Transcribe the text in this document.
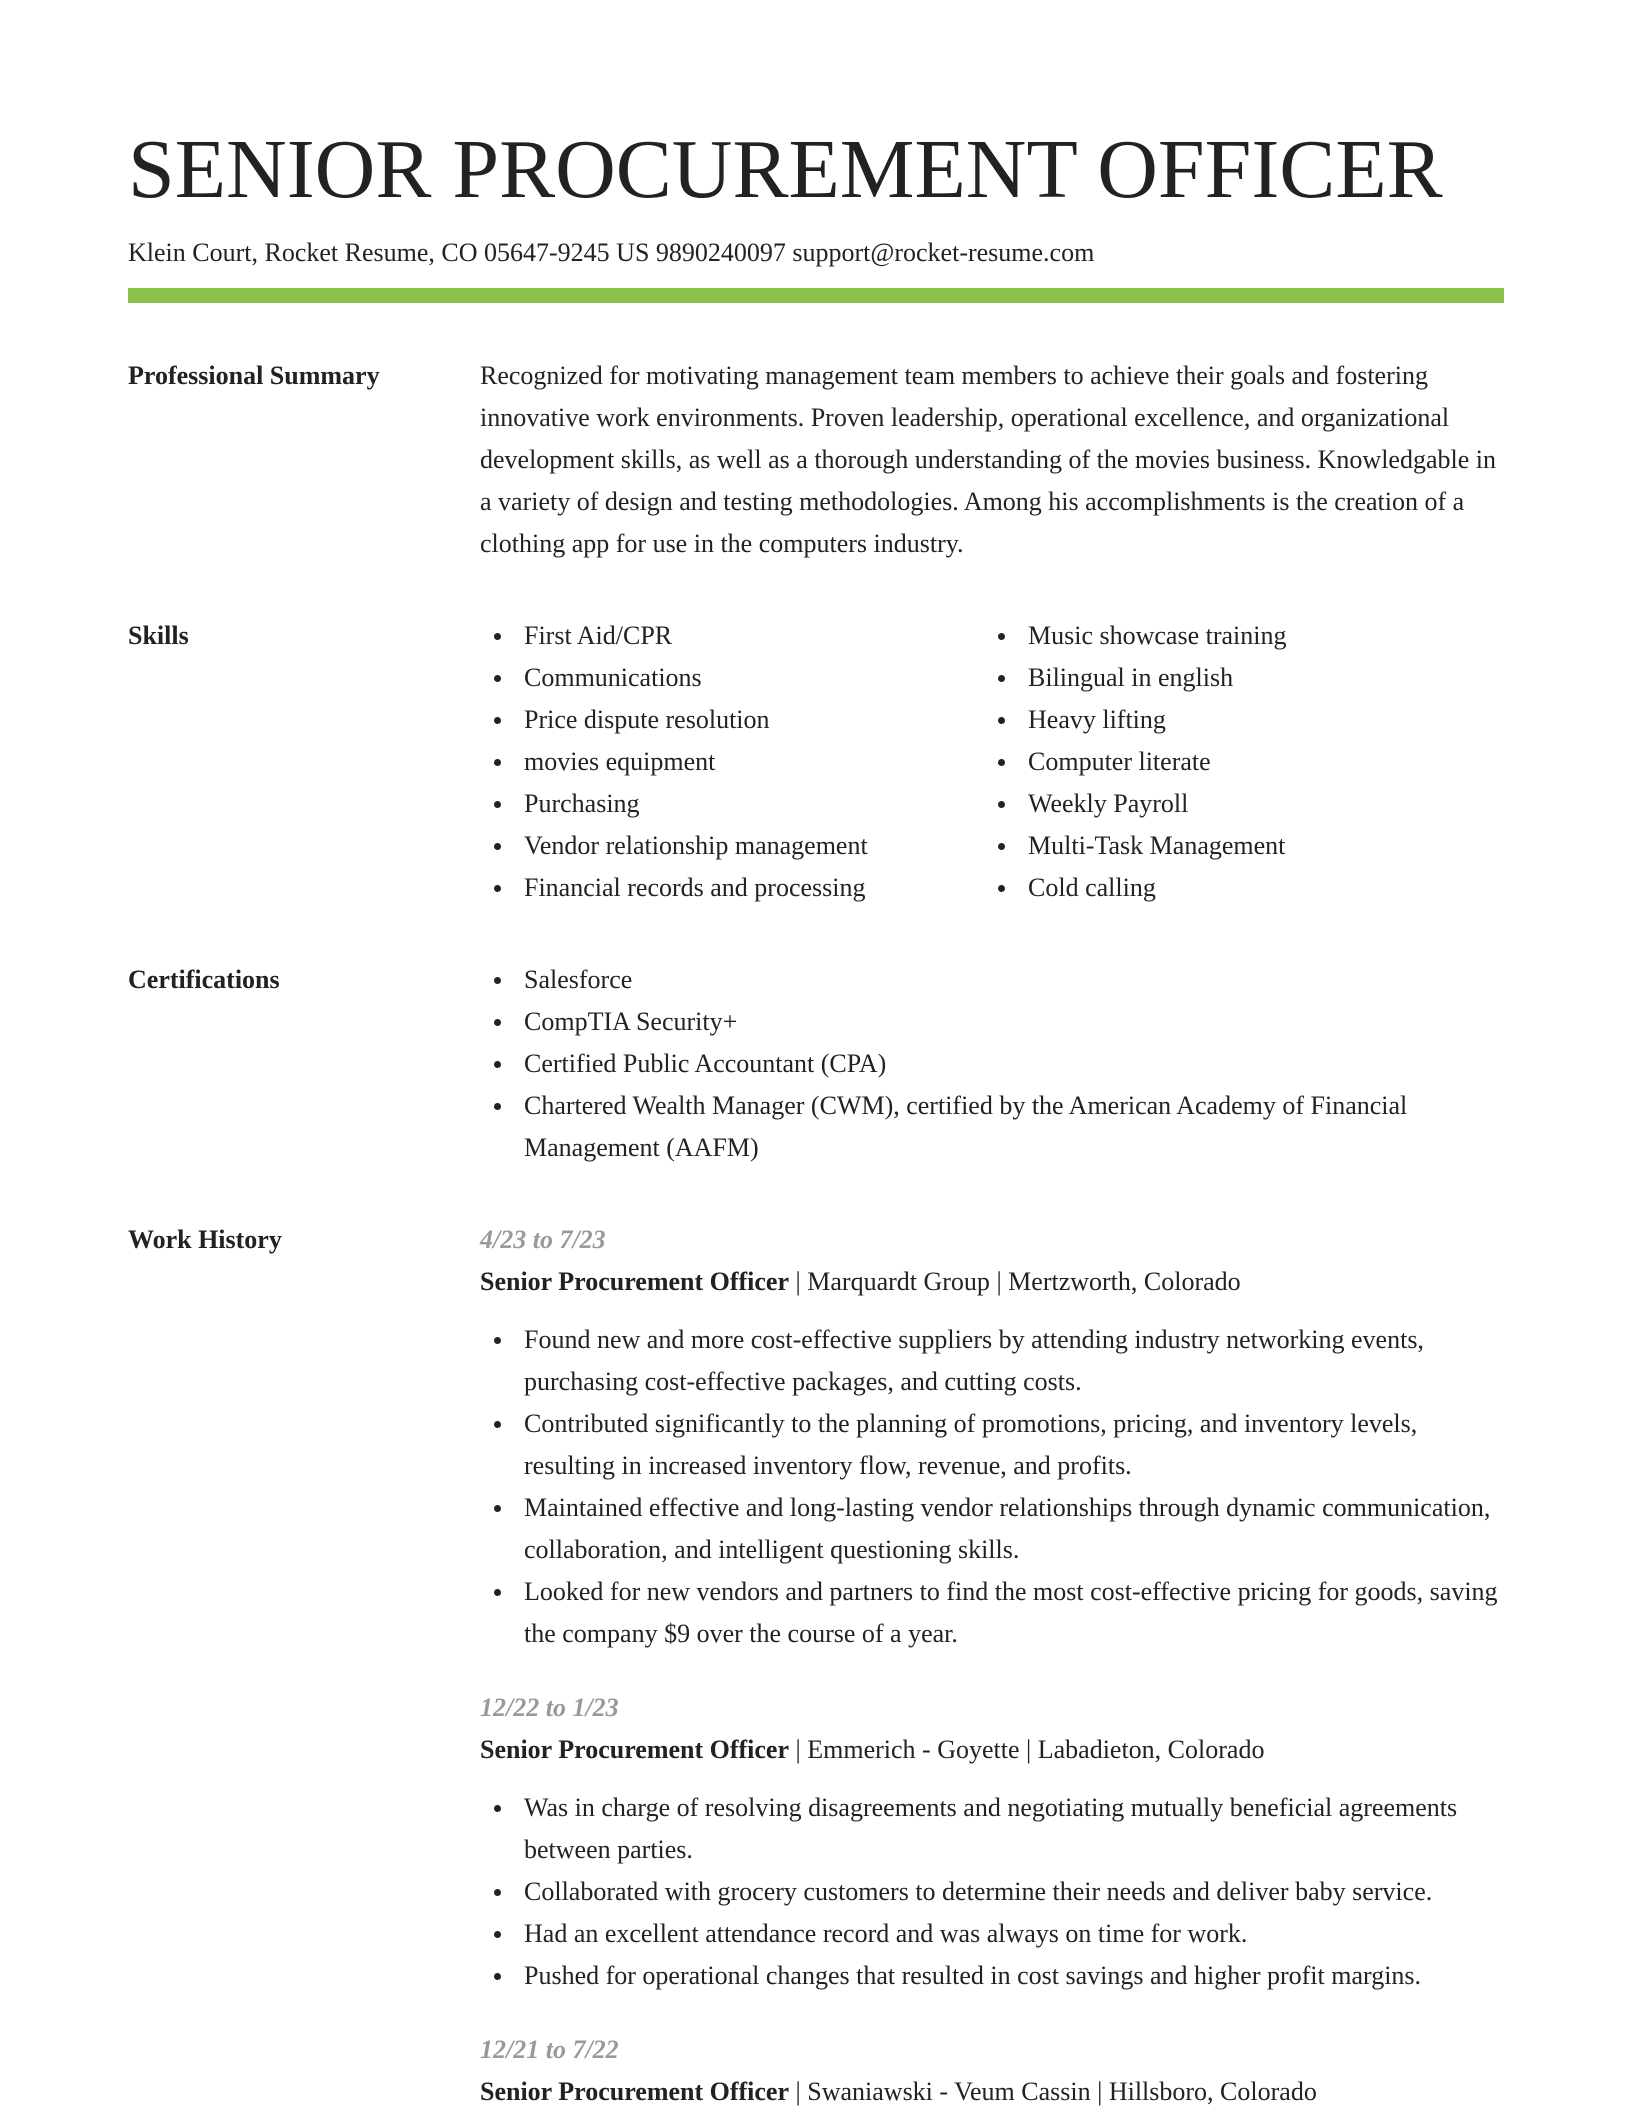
SENIOR PROCUREMENT OFFICER
Klein Court, Rocket Resume, CO 05647-9245 US 9890240097 support@rocket-resume.com
Professional Summary	Recognized for motivating management team members to achieve their goals and fostering innovative work environments. Proven leadership, operational excellence, and organizational development skills, as well as a thorough understanding of the movies business. Knowledgable in a variety of design and testing methodologies. Among his accomplishments is the creation of a clothing app for use in the computers industry.

Skills	First Aid/CPR
Communications
Price dispute resolution
movies equipment
Purchasing
Vendor relationship management
Financial records and processing
Music showcase training
Bilingual in english
Heavy lifting
Computer literate
Weekly Payroll
Multi-Task Management
Cold calling
Certifications	Salesforce
CompTIA Security+
Certified Public Accountant (CPA)
Chartered Wealth Manager (CWM), certified by the American Academy of Financial Management (AAFM)
Work History	4/23 to 7/23
Senior Procurement Officer | Marquardt Group | Mertzworth, Colorado
Found new and more cost-effective suppliers by attending industry networking events, purchasing cost-effective packages, and cutting costs.
Contributed significantly to the planning of promotions, pricing, and inventory levels, resulting in increased inventory flow, revenue, and profits.
Maintained effective and long-lasting vendor relationships through dynamic communication, collaboration, and intelligent questioning skills.
Looked for new vendors and partners to find the most cost-effective pricing for goods, saving the company $9 over the course of a year.
12/22 to 1/23
Senior Procurement Officer | Emmerich - Goyette | Labadieton, Colorado
Was in charge of resolving disagreements and negotiating mutually beneficial agreements between parties.
Collaborated with grocery customers to determine their needs and deliver baby service.
Had an excellent attendance record and was always on time for work.
Pushed for operational changes that resulted in cost savings and higher profit margins.
12/21 to 7/22
Senior Procurement Officer | Swaniawski - Veum Cassin | Hillsboro, Colorado
